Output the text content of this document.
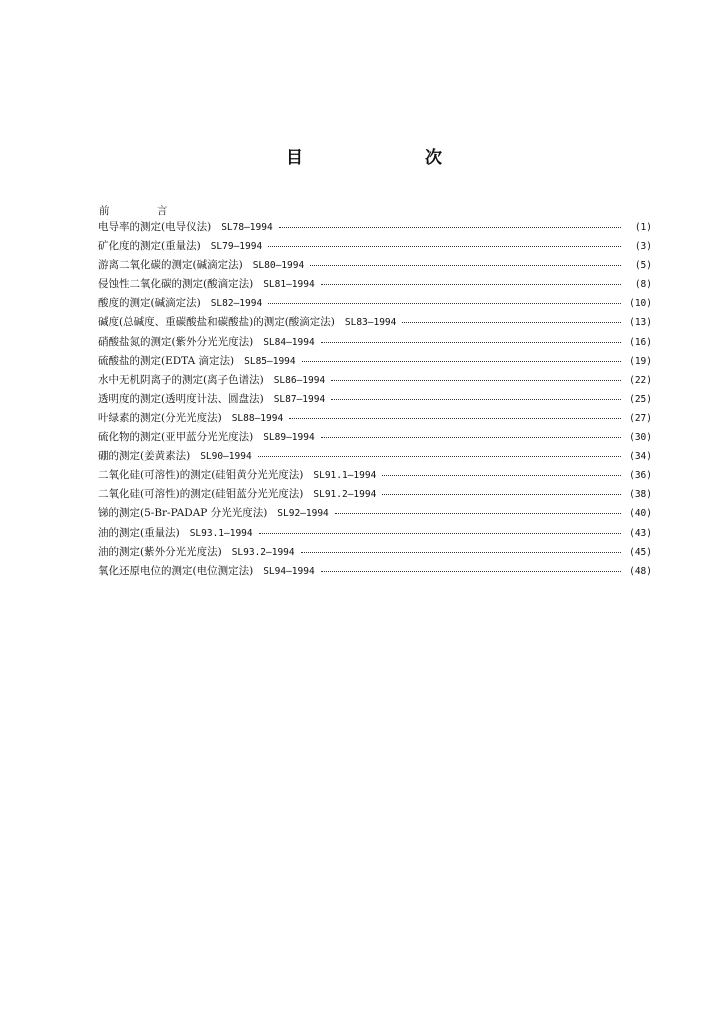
目 次
前 言
电导率的测定(电导仪法) SL78—1994	(1)
矿化度的测定(重量法) SL79—1994	(3)
游离二氧化碳的测定(碱滴定法) SL80—1994	(5)
侵蚀性二氧化碳的测定(酸滴定法) SL81—1994	(8)
酸度的测定(碱滴定法) SL82—1994	(10)
碱度(总碱度、重碳酸盐和碳酸盐)的测定(酸滴定法) SL83—1994	(13)
硝酸盐氮的测定(紫外分光光度法) SL84—1994	(16)
硫酸盐的测定(EDTA 滴定法) SL85—1994	(19)
水中无机阴离子的测定(离子色谱法) SL86—1994	(22)
透明度的测定(透明度计法、圆盘法) SL87—1994	(25)
叶绿素的测定(分光光度法) SL88—1994	(27)
硫化物的测定(亚甲蓝分光光度法) SL89—1994	(30)
硼的测定(姜黄素法) SL90—1994	(34)
二氧化硅(可溶性)的测定(硅钼黄分光光度法) SL91.1—1994	(36)
二氧化硅(可溶性)的测定(硅钼蓝分光光度法) SL91.2—1994	(38)
锑的测定(5-Br-PADAP 分光光度法) SL92—1994	(40)
油的测定(重量法) SL93.1—1994	(43)
油的测定(紫外分光光度法) SL93.2—1994	(45)
氧化还原电位的测定(电位测定法) SL94—1994	(48)
